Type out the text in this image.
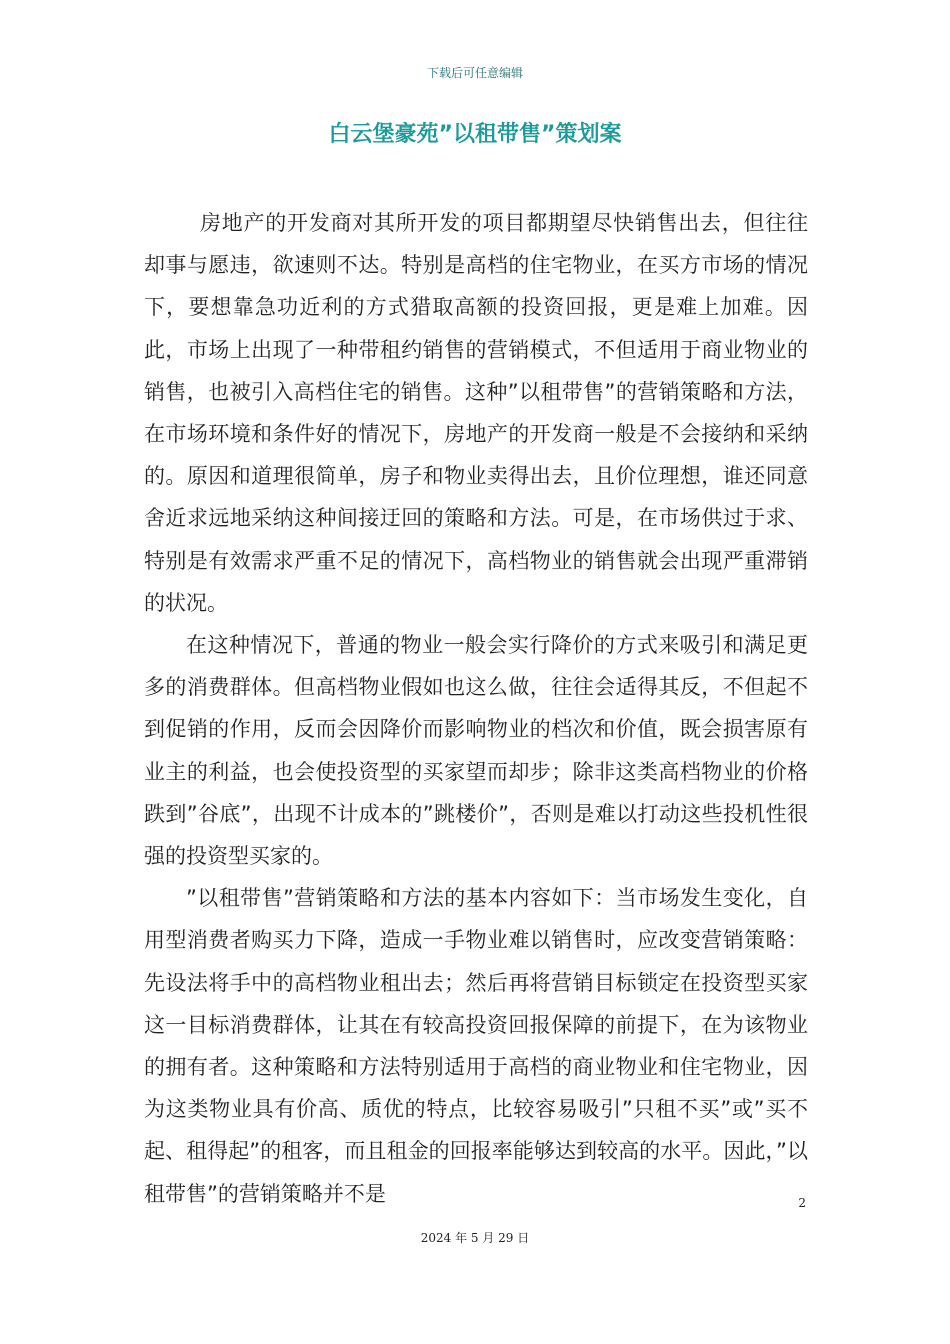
下载后可任意编辑
白云堡豪苑”以租带售”策划案

房地产的开发商对其所开发的项目都期望尽快销售出去，但往往却事与愿违，欲速则不达。特别是高档的住宅物业，在买方市场的情况下，要想靠急功近利的方式猎取高额的投资回报，更是难上加难。因此，市场上出现了一种带租约销售的营销模式，不但适用于商业物业的销售，也被引入高档住宅的销售。这种”以租带售”的营销策略和方法，在市场环境和条件好的情况下，房地产的开发商一般是不会接纳和采纳的。原因和道理很简单，房子和物业卖得出去，且价位理想，谁还同意舍近求远地采纳这种间接迂回的策略和方法。可是，在市场供过于求、特别是有效需求严重不足的情况下，高档物业的销售就会出现严重滞销的状况。

在这种情况下，普通的物业一般会实行降价的方式来吸引和满足更多的消费群体。但高档物业假如也这么做，往往会适得其反，不但起不到促销的作用，反而会因降价而影响物业的档次和价值，既会损害原有业主的利益，也会使投资型的买家望而却步；除非这类高档物业的价格跌到”谷底”，出现不计成本的”跳楼价”，否则是难以打动这些投机性很强的投资型买家的。

”以租带售”营销策略和方法的基本内容如下：当市场发生变化，自用型消费者购买力下降，造成一手物业难以销售时，应改变营销策略：先设法将手中的高档物业租出去；然后再将营销目标锁定在投资型买家这一目标消费群体，让其在有较高投资回报保障的前提下，在为该物业的拥有者。这种策略和方法特别适用于高档的商业物业和住宅物业，因为这类物业具有价高、质优的特点，比较容易吸引”只租不买”或”买不起、租得起”的租客，而且租金的回报率能够达到较高的水平。因此，”以租带售”的营销策略并不是	2
2024 年 5 月 29 日
